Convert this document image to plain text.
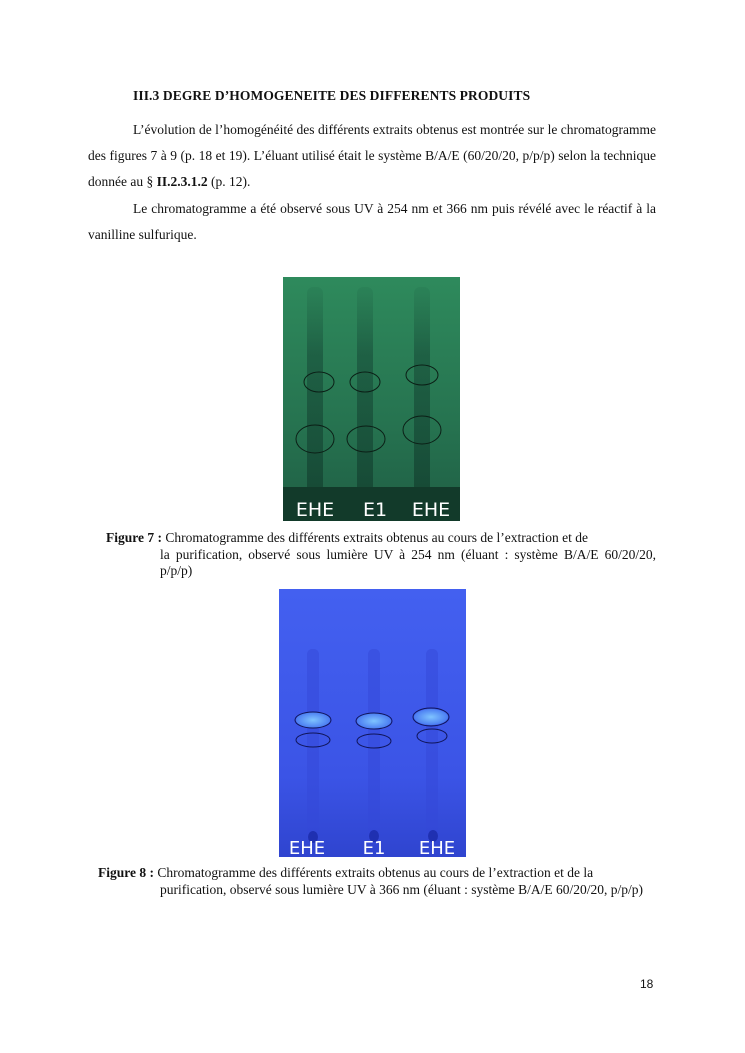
III.3 DEGRE D’HOMOGENEITE DES DIFFERENTS PRODUITS

L’évolution de l’homogénéité des différents extraits obtenus est montrée sur le chromatogramme des figures 7 à 9 (p. 18 et 19). L’éluant utilisé était le système B/A/E (60/20/20, p/p/p) selon la technique donnée au § II.2.3.1.2 (p. 12).

Le chromatogramme a été observé sous UV à 254 nm et 366 nm puis révélé avec le réactif à la vanilline sulfurique.

EHE E1 EHE
Figure 7 : Chromatogramme des différents extraits obtenus au cours de l’extraction et de
la purification, observé sous lumière UV à 254 nm (éluant : système B/A/E 60/20/20, p/p/p)
EHE E1 EHE
Figure 8 : Chromatogramme des différents extraits obtenus au cours de l’extraction et de la
purification, observé sous lumière UV à 366 nm (éluant : système B/A/E 60/20/20, p/p/p)
18
